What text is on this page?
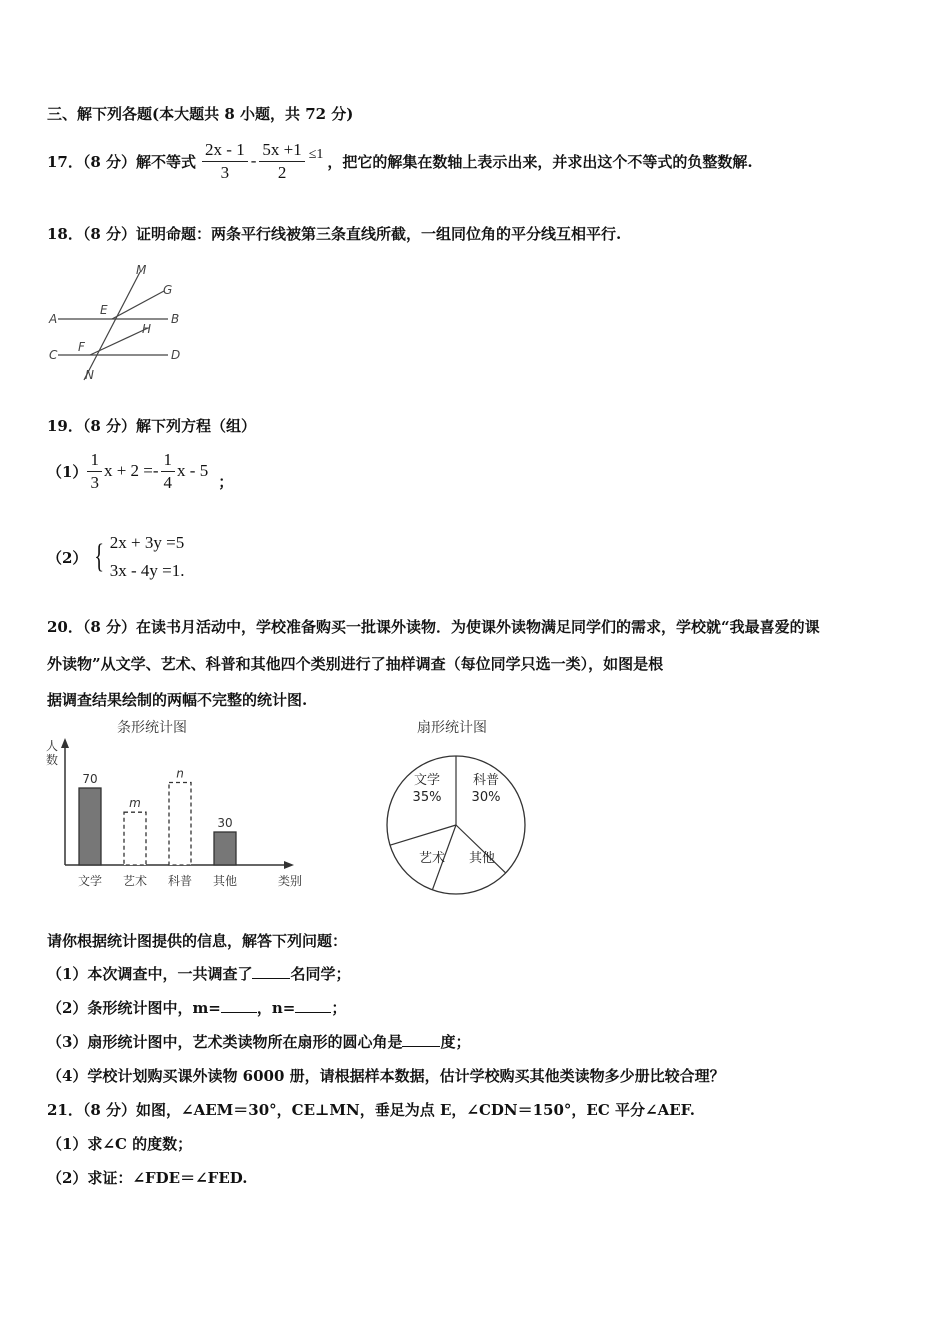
三、解下列各题(本大题共 8 小题，共 72 分)
17．（8 分）解不等式 $\frac{2x - 1}{3} - \frac{5x +1}{2} \le 1$ ，把它的解集在数轴上表示出来，并求出这个不等式的负整数解.
18．（8 分）证明命题：两条平行线被第三条直线所截，一组同位角的平分线互相平行.
M
G
A
E
B
H
C
F
D
N
19．（8 分）解下列方程（组）
$(1) \frac{1}{3}$ $x + 2 =- \frac{1}{4}$ x - 5
；
（2） { 2x + 3y =5
3x - 4y =1.
20．（8 分）在读书月活动中，学校准备购买一批课外读物．为使课外读物满足同学们的需求，学校就“我最喜爱的课
外读物”从文学、艺术、科普和其他四个类别进行了抽样调查（每位同学只选一类），如图是根
据调查结果绘制的两幅不完整的统计图.
条形统计图
人
数
类别
70
文学
m
艺术
n
科普
30
其他
扇形统计图
文学
35%
科普
30%
其他
艺术
请你根据统计图提供的信息，解答下列问题：
（1）本次调查中，一共调查了	名同学；
（2）条形统计图中，m= ，n= ；
（3）扇形统计图中，艺术类读物所在扇形的圆心角是	度；
（4）学校计划购买课外读物 6000 册，请根据样本数据，估计学校购买其他类读物多少册比较合理？
21．（8 分）如图，∠AEM＝30°，CE⊥MN，垂足为点 E，∠CDN＝150°，EC 平分∠AEF.
（1）求∠C 的度数；
（2）求证：∠FDE＝∠FED.
